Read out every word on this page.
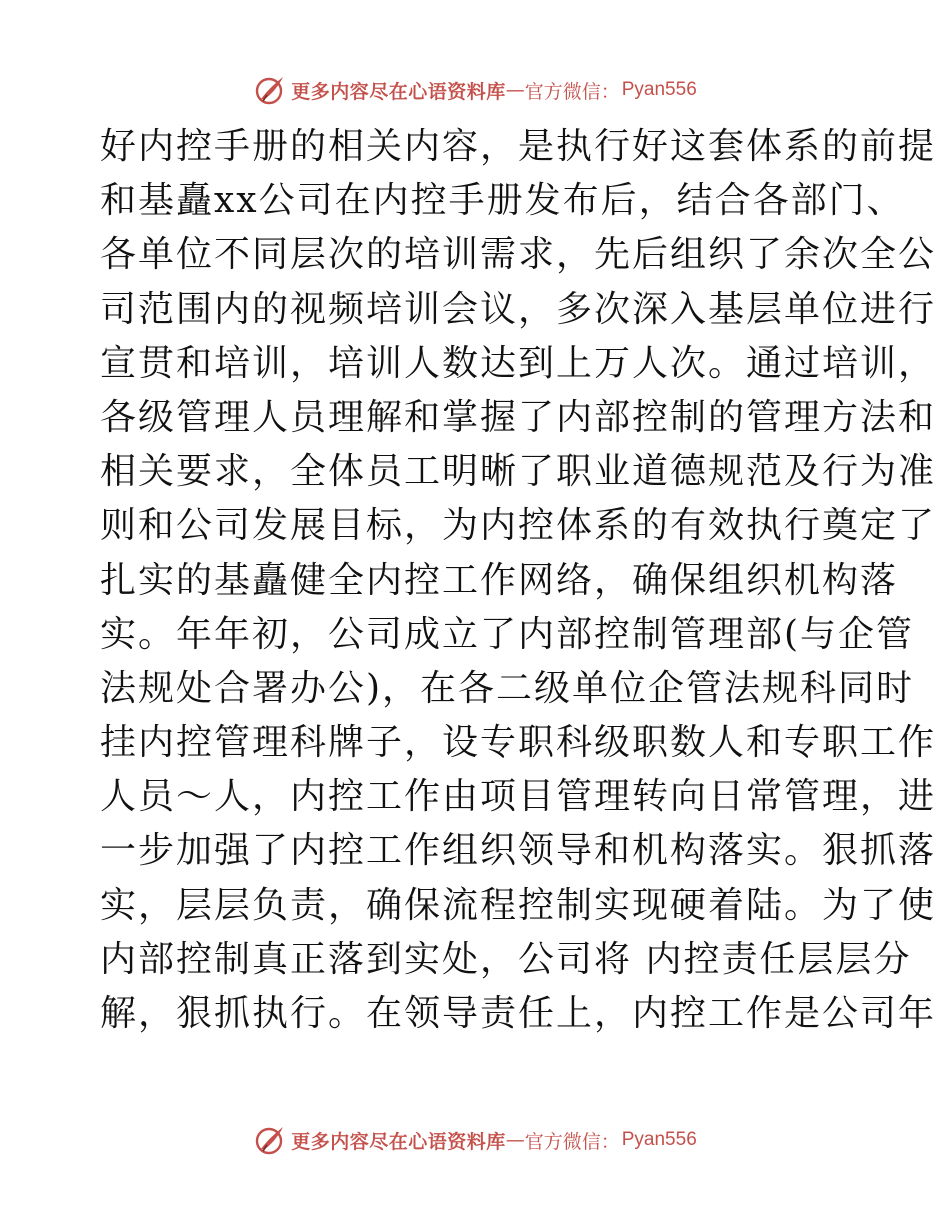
更多内容尽在心语资料库 — 官方微信： Pyan556
好内控手册的相关内容，是执行好这套体系的前提
和基矗xx公司在内控手册发布后，结合各部门、
各单位不同层次的培训需求，先后组织了余次全公
司范围内的视频培训会议，多次深入基层单位进行
宣贯和培训，培训人数达到上万人次。通过培训，
各级管理人员理解和掌握了内部控制的管理方法和
相关要求，全体员工明晰了职业道德规范及行为准
则和公司发展目标，为内控体系的有效执行奠定了
扎实的基矗健全内控工作网络，确保组织机构落
实。年年初，公司成立了内部控制管理部(与企管
法规处合署办公)，在各二级单位企管法规科同时
挂内控管理科牌子，设专职科级职数人和专职工作
人员～人，内控工作由项目管理转向日常管理，进
一步加强了内控工作组织领导和机构落实。狠抓落
实，层层负责，确保流程控制实现硬着陆。为了使
内部控制真正落到实处，公司将 内控责任层层分
解，狠抓执行。在领导责任上，内控工作是公司年
更多内容尽在心语资料库 — 官方微信： Pyan556
